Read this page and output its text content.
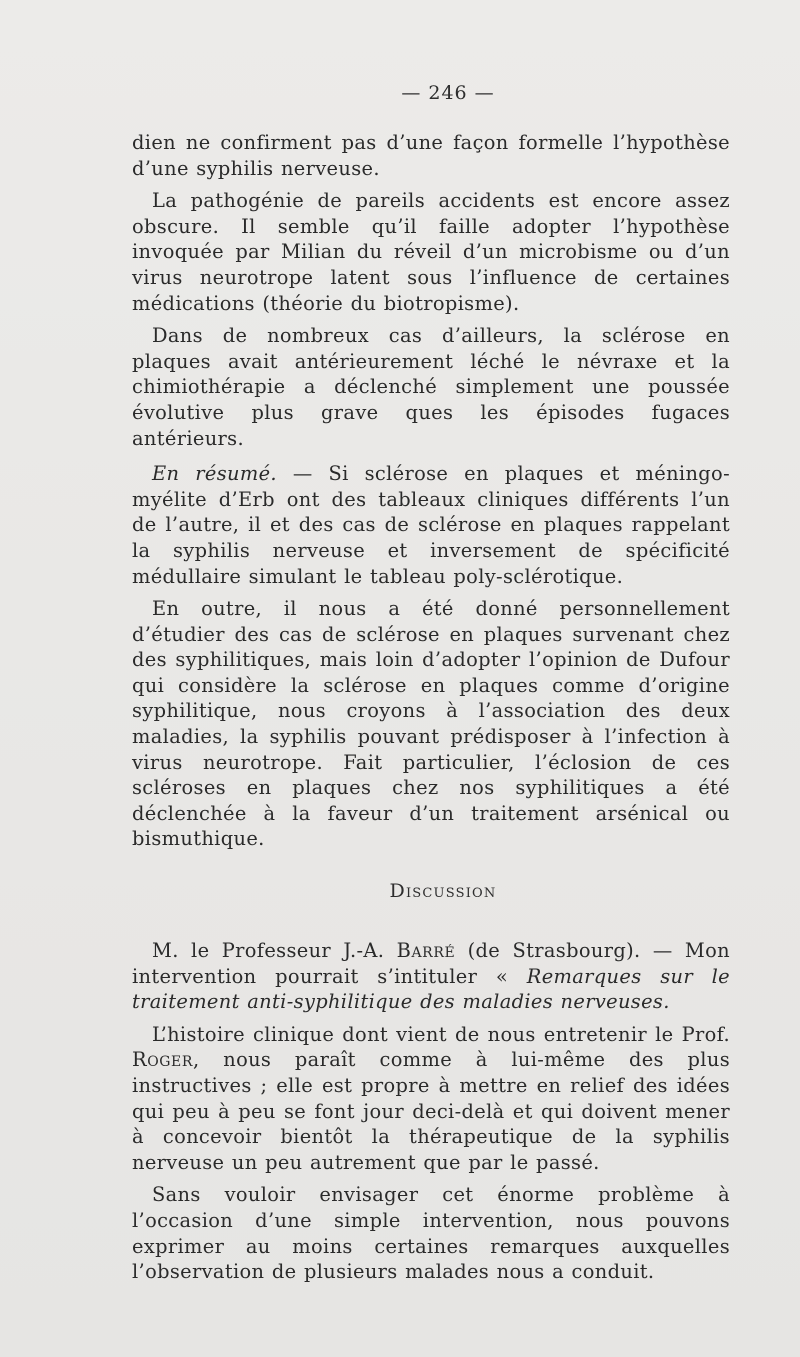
— 246 —

dien ne confirment pas d’une façon formelle l’hypothèse d’une syphilis nerveuse.

La pathogénie de pareils accidents est encore assez obscure. Il semble qu’il faille adopter l’hypothèse invoquée par Milian du réveil d’un microbisme ou d’un virus neurotrope latent sous l’influence de certaines médications (théorie du biotropisme).

Dans de nombreux cas d’ailleurs, la sclérose en plaques avait antérieurement léché le névraxe et la chimiothérapie a déclenché simplement une poussée évolutive plus grave ques les épisodes fugaces antérieurs.

En résumé. — Si sclérose en plaques et méningo-myélite d’Erb ont des tableaux cliniques différents l’un de l’autre, il et des cas de sclérose en plaques rappelant la syphilis nerveuse et inversement de spécificité médullaire simulant le tableau poly-sclérotique.

En outre, il nous a été donné personnellement d’étudier des cas de sclérose en plaques survenant chez des syphilitiques, mais loin d’adopter l’opinion de Dufour qui considère la sclérose en plaques comme d’origine syphilitique, nous croyons à l’association des deux maladies, la syphilis pouvant prédisposer à l’infection à virus neurotrope. Fait particulier, l’éclosion de ces scléroses en plaques chez nos syphilitiques a été déclenchée à la faveur d’un traitement arsénical ou bismuthique.

Discussion

M. le Professeur J.-A. Barré (de Strasbourg). — Mon intervention pourrait s’intituler « Remarques sur le traitement anti-syphilitique des maladies nerveuses.

L’histoire clinique dont vient de nous entretenir le Prof. Roger, nous paraît comme à lui-même des plus instructives ; elle est propre à mettre en relief des idées qui peu à peu se font jour deci-delà et qui doivent mener à concevoir bientôt la thérapeutique de la syphilis nerveuse un peu autrement que par le passé.

Sans vouloir envisager cet énorme problème à l’occasion d’une simple intervention, nous pouvons exprimer au moins certaines remarques auxquelles l’observation de plusieurs malades nous a conduit.
